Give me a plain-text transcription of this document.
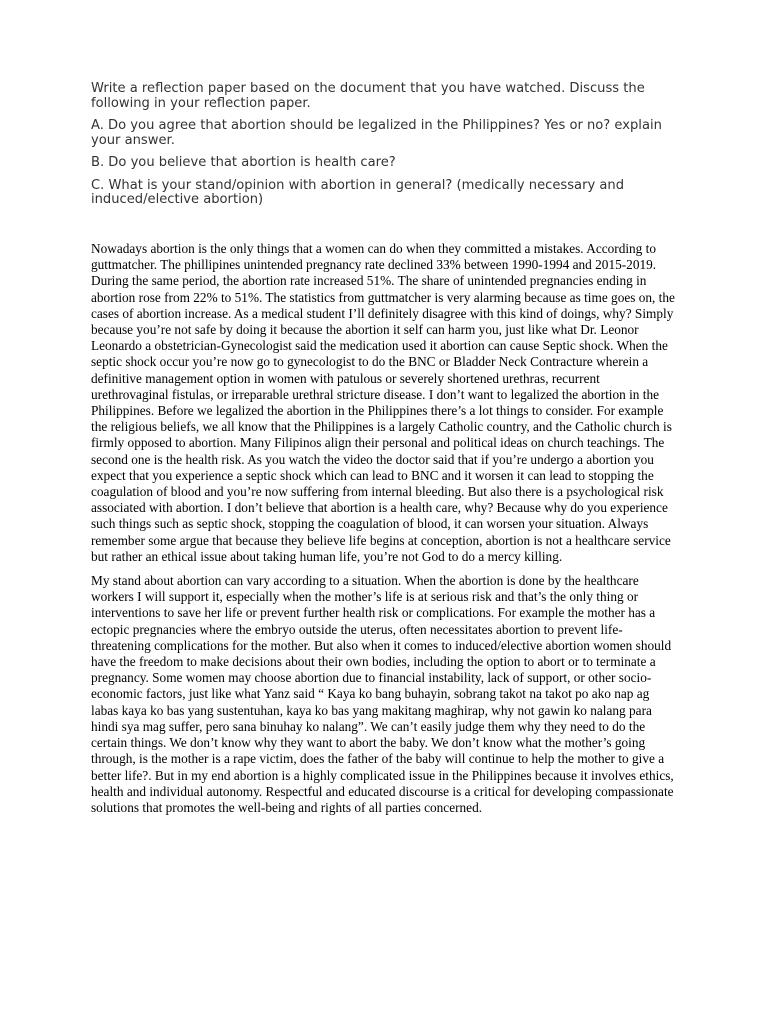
Write a reflection paper based on the document that you have watched. Discuss the following in your reflection paper.

A. Do you agree that abortion should be legalized in the Philippines? Yes or no? explain your answer.

B. Do you believe that abortion is health care?

C. What is your stand/opinion with abortion in general? (medically necessary and induced/elective abortion)

Nowadays abortion is the only things that a women can do when they committed a mistakes. According to guttmatcher. The phillipines unintended pregnancy rate declined 33% between 1990-1994 and 2015-2019. During the same period, the abortion rate increased 51%. The share of unintended pregnancies ending in abortion rose from 22% to 51%. The statistics from guttmatcher is very alarming because as time goes on, the cases of abortion increase. As a medical student I’ll definitely disagree with this kind of doings, why? Simply because you’re not safe by doing it because the abortion it self can harm you, just like what Dr. Leonor Leonardo a obstetrician-Gynecologist said the medication used it abortion can cause Septic shock. When the septic shock occur you’re now go to gynecologist to do the BNC or Bladder Neck Contracture wherein a definitive management option in women with patulous or severely shortened urethras, recurrent urethrovaginal fistulas, or irreparable urethral stricture disease. I don’t want to legalized the abortion in the Philippines. Before we legalized the abortion in the Philippines there’s a lot things to consider. For example the religious beliefs, we all know that the Philippines is a largely Catholic country, and the Catholic church is firmly opposed to abortion. Many Filipinos align their personal and political ideas on church teachings. The second one is the health risk. As you watch the video the doctor said that if you’re undergo a abortion you expect that you experience a septic shock which can lead to BNC and it worsen it can lead to stopping the coagulation of blood and you’re now suffering from internal bleeding. But also there is a psychological risk associated with abortion. I don’t believe that abortion is a health care, why? Because why do you experience such things such as septic shock, stopping the coagulation of blood, it can worsen your situation. Always remember some argue that because they believe life begins at conception, abortion is not a healthcare service but rather an ethical issue about taking human life, you’re not God to do a mercy killing.

My stand about abortion can vary according to a situation. When the abortion is done by the healthcare workers I will support it, especially when the mother’s life is at serious risk and that’s the only thing or interventions to save her life or prevent further health risk or complications. For example the mother has a ectopic pregnancies where the embryo outside the uterus, often necessitates abortion to prevent life-threatening complications for the mother. But also when it comes to induced/elective abortion women should have the freedom to make decisions about their own bodies, including the option to abort or to terminate a pregnancy. Some women may choose abortion due to financial instability, lack of support, or other socio-economic factors, just like what Yanz said “ Kaya ko bang buhayin, sobrang takot na takot po ako nap ag labas kaya ko bas yang sustentuhan, kaya ko bas yang makitang maghirap, why not gawin ko nalang para hindi sya mag suffer, pero sana binuhay ko nalang”. We can’t easily judge them why they need to do the certain things. We don’t know why they want to abort the baby. We don’t know what the mother’s going through, is the mother is a rape victim, does the father of the baby will continue to help the mother to give a better life?. But in my end abortion is a highly complicated issue in the Philippines because it involves ethics, health and individual autonomy. Respectful and educated discourse is a critical for developing compassionate solutions that promotes the well-being and rights of all parties concerned.
